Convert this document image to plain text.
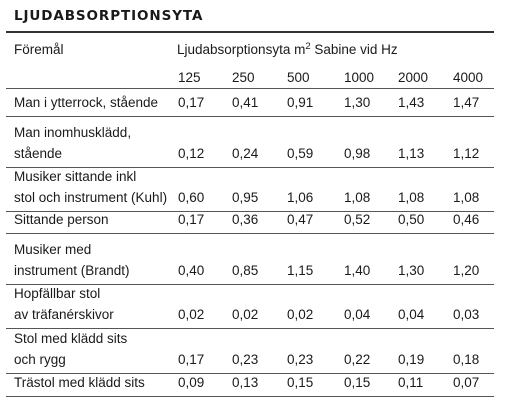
LJUDABSORPTIONSYTA
Föremål	Ljudabsorptionsyta $m^2$ Sabine vid Hz
125 250 500	1000 2000 4000
Man i ytterrock, stående 0,17 0,41 0,91 1,30 1,43 1,47
Man inomhusklädd,
stående	0,12 0,24 0,59 0,98 1,13 1,12
Musiker sittande inkl
stol och instrument (Kuhl) 0,60 0,95 1,06 1,08 1,08 1,08
Sittande person	0,17 0,36 0,47 0,52 0,50 0,46
Musiker med
instrument (Brandt)	0,40 0,85 1,15 1,40 1,30 1,20
Hopfällbar stol
av träfanérskivor	0,02 0,02 0,02 0,04 0,04 0,03
Stol med klädd sits
och rygg	0,17 0,23 0,23 0,22 0,19 0,18
Trästol med klädd sits 0,09 0,13 0,15 0,15 0,11 0,07
